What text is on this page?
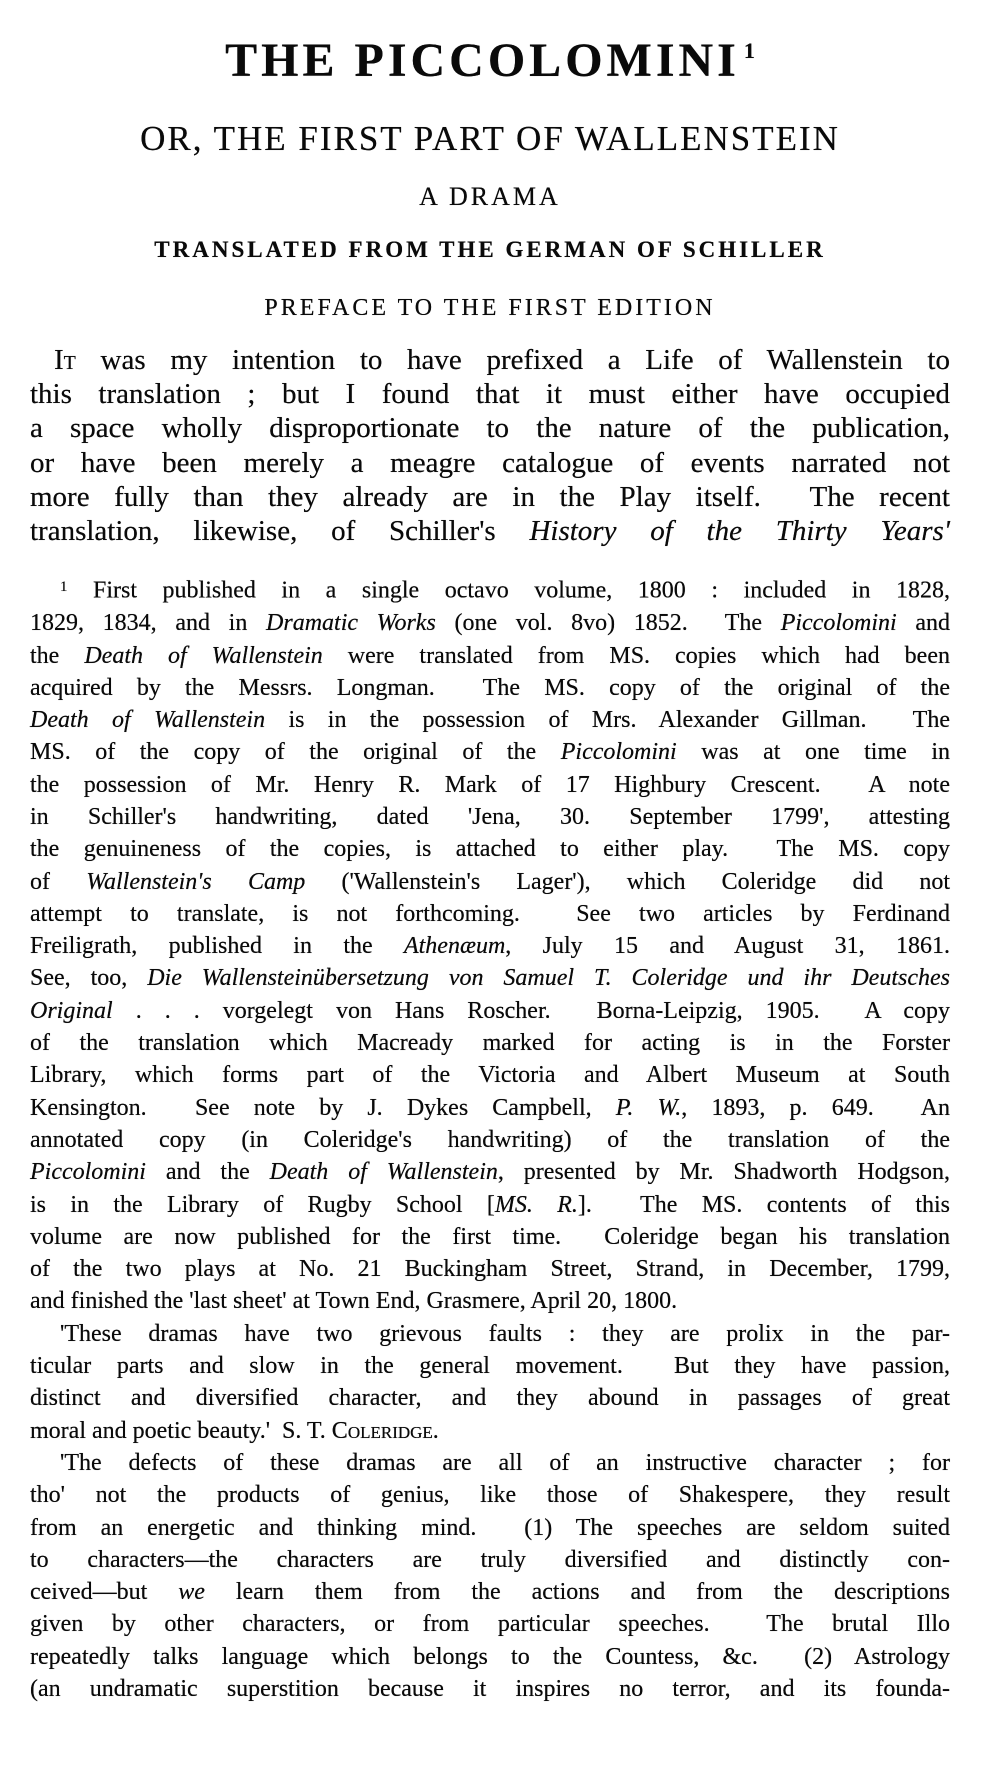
THE PICCOLOMINI $^1$
OR, THE FIRST PART OF WALLENSTEIN
A DRAMA
TRANSLATED FROM THE GERMAN OF SCHILLER
PREFACE TO THE FIRST EDITION
It was my intention to have prefixed a Life of Wallenstein to
this translation ; but I found that it must either have occupied
a space wholly disproportionate to the nature of the publication,
or have been merely a meagre catalogue of events narrated not
more fully than they already are in the Play itself.  The recent
translation, likewise, of Schiller's History of the Thirty Years'
$^1$ First published in a single octavo volume, 1800 : included in 1828,
1829, 1834, and in Dramatic Works (one vol. 8vo) 1852.  The Piccolomini and
the Death of Wallenstein were translated from MS. copies which had been
acquired by the Messrs. Longman.  The MS. copy of the original of the
Death of Wallenstein is in the possession of Mrs. Alexander Gillman.  The
MS. of the copy of the original of the Piccolomini was at one time in
the possession of Mr. Henry R. Mark of 17 Highbury Crescent.  A note
in Schiller's handwriting, dated 'Jena, 30. September 1799', attesting
the genuineness of the copies, is attached to either play.  The MS. copy
of Wallenstein's Camp ('Wallenstein's Lager'), which Coleridge did not
attempt to translate, is not forthcoming.  See two articles by Ferdinand
Freiligrath, published in the Athenæum, July 15 and August 31, 1861.
See, too, Die Wallensteinübersetzung von Samuel T. Coleridge und ihr Deutsches
Original . . . vorgelegt von Hans Roscher.  Borna-Leipzig, 1905.  A copy
of the translation which Macready marked for acting is in the Forster
Library, which forms part of the Victoria and Albert Museum at South
Kensington.  See note by J. Dykes Campbell, P. W., 1893, p. 649.  An
annotated copy (in Coleridge's handwriting) of the translation of the
Piccolomini and the Death of Wallenstein, presented by Mr. Shadworth Hodgson,
is in the Library of Rugby School [MS. R.].  The MS. contents of this
volume are now published for the first time.  Coleridge began his translation
of the two plays at No. 21 Buckingham Street, Strand, in December, 1799,
and finished the 'last sheet' at Town End, Grasmere, April 20, 1800.
'These dramas have two grievous faults : they are prolix in the par-
ticular parts and slow in the general movement.  But they have passion,
distinct and diversified character, and they abound in passages of great
moral and poetic beauty.'  S. T. Coleridge.
'The defects of these dramas are all of an instructive character ; for
tho' not the products of genius, like those of Shakespere, they result
from an energetic and thinking mind.  (1) The speeches are seldom suited
to characters—the characters are truly diversified and distinctly con-
ceived—but we learn them from the actions and from the descriptions
given by other characters, or from particular speeches.  The brutal Illo
repeatedly talks language which belongs to the Countess, &c.  (2) Astrology
(an undramatic superstition because it inspires no terror, and its founda-
